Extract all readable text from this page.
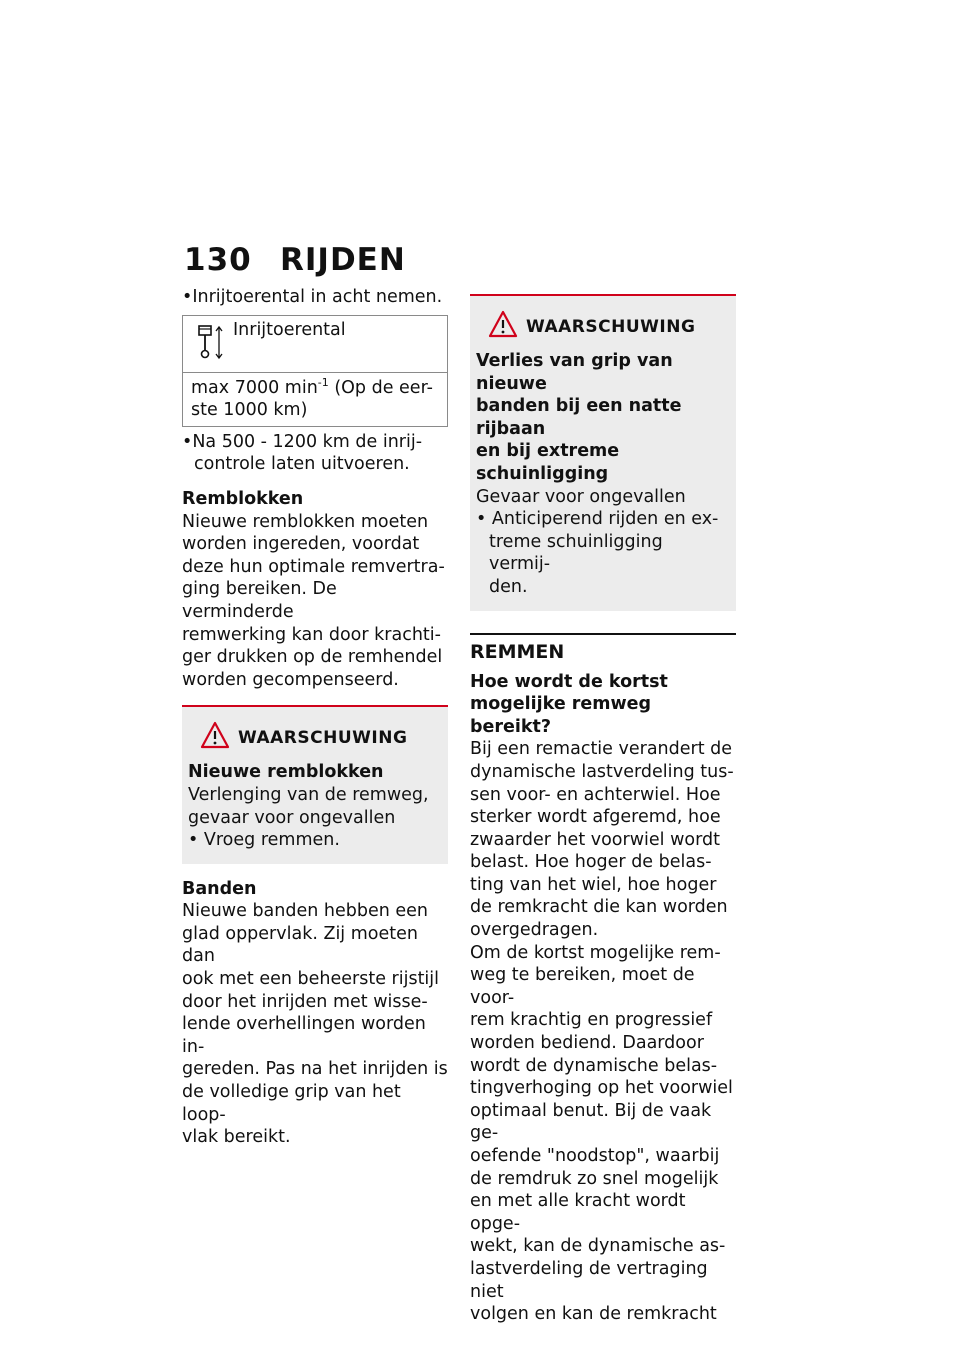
130 RIJDEN

•Inrijtoerental in acht nemen.

Inrijtoerental
max 7000 $\min^{-1} (Op$ de eer-
ste 1000 km)

•Na 500 - 1200 km de inrij-

controle laten uitvoeren.

Remblokken

Nieuwe remblokken moeten
worden ingereden, voordat
deze hun optimale remvertra-
ging bereiken. De verminderde
remwerking kan door krachti-
ger drukken op de remhendel
worden gecompenseerd.
WAARSCHUWING
Nieuwe remblokken
Verlenging van de remweg,
gevaar voor ongevallen
• Vroeg remmen.

Banden

Nieuwe banden hebben een
glad oppervlak. Zij moeten dan
ook met een beheerste rijstijl
door het inrijden met wisse-
lende overhellingen worden in-
gereden. Pas na het inrijden is
de volledige grip van het loop-
vlak bereikt.
WAARSCHUWING
Verlies van grip van nieuwe
banden bij een natte rijbaan
en bij extreme schuinligging
Gevaar voor ongevallen
• Anticiperend rijden en ex-
treme schuinligging vermij-
den.
REMMEN
Hoe wordt de kortst
mogelijke remweg bereikt?
Bij een remactie verandert de
dynamische lastverdeling tus-
sen voor- en achterwiel. Hoe
sterker wordt afgeremd, hoe
zwaarder het voorwiel wordt
belast. Hoe hoger de belas-
ting van het wiel, hoe hoger
de remkracht die kan worden
overgedragen.
Om de kortst mogelijke rem-
weg te bereiken, moet de voor-
rem krachtig en progressief
worden bediend. Daardoor
wordt de dynamische belas-
tingverhoging op het voorwiel
optimaal benut. Bij de vaak ge-
oefende "noodstop", waarbij
de remdruk zo snel mogelijk
en met alle kracht wordt opge-
wekt, kan de dynamische as-
lastverdeling de vertraging niet
volgen en kan de remkracht
